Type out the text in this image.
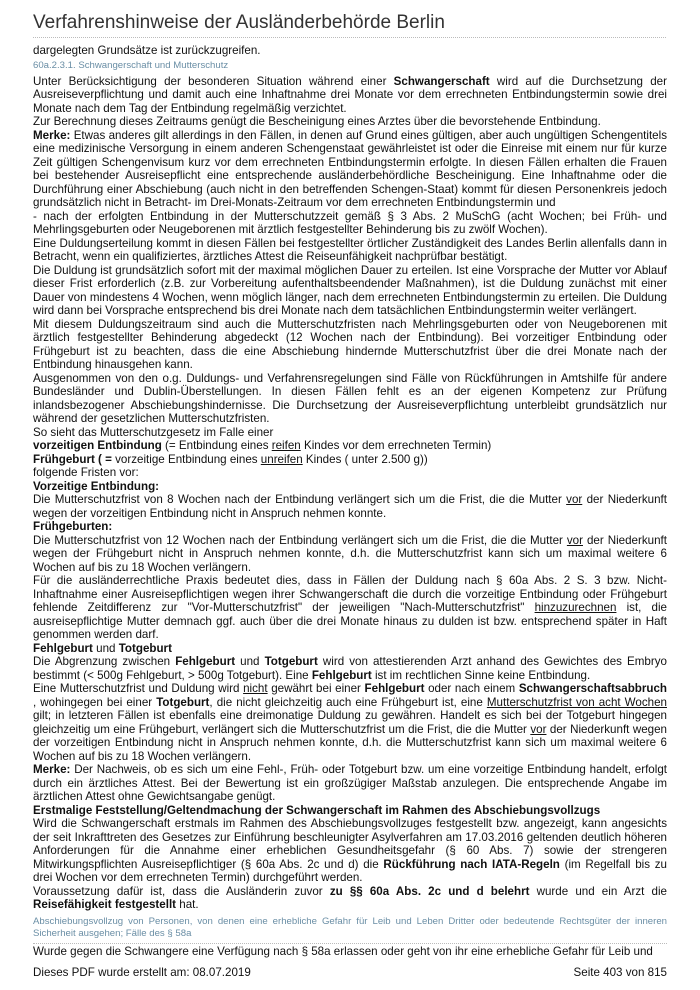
Verfahrenshinweise der Ausländerbehörde Berlin

dargelegten Grundsätze ist zurückzugreifen.

60a.2.3.1. Schwangerschaft und Mutterschutz

Unter Berücksichtigung der besonderen Situation während einer Schwangerschaft wird auf die Durchsetzung der Ausreiseverpflichtung und damit auch eine Inhaftnahme drei Monate vor dem errechneten Entbindungstermin sowie drei Monate nach dem Tag der Entbindung regelmäßig verzichtet.

Zur Berechnung dieses Zeitraums genügt die Bescheinigung eines Arztes über die bevorstehende Entbindung.

Merke: Etwas anderes gilt allerdings in den Fällen, in denen auf Grund eines gültigen, aber auch ungültigen Schengentitels eine medizinische Versorgung in einem anderen Schengenstaat gewährleistet ist oder die Einreise mit einem nur für kurze Zeit gültigen Schengenvisum kurz vor dem errechneten Entbindungstermin erfolgte. In diesen Fällen erhalten die Frauen bei bestehender Ausreisepflicht eine entsprechende ausländerbehördliche Bescheinigung. Eine Inhaftnahme oder die Durchführung einer Abschiebung (auch nicht in den betreffenden Schengen-Staat) kommt für diesen Personenkreis jedoch grundsätzlich nicht in Betracht- im Drei-Monats-Zeitraum vor dem errechneten Entbindungstermin und

- nach der erfolgten Entbindung in der Mutterschutzzeit gemäß § 3 Abs. 2 MuSchG (acht Wochen; bei Früh- und Mehrlingsgeburten oder Neugeborenen mit ärztlich festgestellter Behinderung bis zu zwölf Wochen).

Eine Duldungserteilung kommt in diesen Fällen bei festgestellter örtlicher Zuständigkeit des Landes Berlin allenfalls dann in Betracht, wenn ein qualifiziertes, ärztliches Attest die Reiseunfähigkeit nachprüfbar bestätigt.

Die Duldung ist grundsätzlich sofort mit der maximal möglichen Dauer zu erteilen. Ist eine Vorsprache der Mutter vor Ablauf dieser Frist erforderlich (z.B. zur Vorbereitung aufenthaltsbeendender Maßnahmen), ist die Duldung zunächst mit einer Dauer von mindestens 4 Wochen, wenn möglich länger, nach dem errechneten Entbindungstermin zu erteilen. Die Duldung wird dann bei Vorsprache entsprechend bis drei Monate nach dem tatsächlichen Entbindungstermin weiter verlängert.

Mit diesem Duldungszeitraum sind auch die Mutterschutzfristen nach Mehrlingsgeburten oder von Neugeborenen mit ärztlich festgestellter Behinderung abgedeckt (12 Wochen nach der Entbindung). Bei vorzeitiger Entbindung oder Frühgeburt ist zu beachten, dass die eine Abschiebung hindernde Mutterschutzfrist über die drei Monate nach der Entbindung hinausgehen kann.

Ausgenommen von den o.g. Duldungs- und Verfahrensregelungen sind Fälle von Rückführungen in Amtshilfe für andere Bundesländer und Dublin-Überstellungen. In diesen Fällen fehlt es an der eigenen Kompetenz zur Prüfung inlandsbezogener Abschiebungshindernisse. Die Durchsetzung der Ausreiseverpflichtung unterbleibt grundsätzlich nur während der gesetzlichen Mutterschutzfristen.

So sieht das Mutterschutzgesetz im Falle einer

vorzeitigen Entbindung (= Entbindung eines reifen Kindes vor dem errechneten Termin)

Frühgeburt ( = vorzeitige Entbindung eines unreifen Kindes ( unter 2.500 g))

folgende Fristen vor:

Vorzeitige Entbindung:

Die Mutterschutzfrist von 8 Wochen nach der Entbindung verlängert sich um die Frist, die die Mutter vor der Niederkunft wegen der vorzeitigen Entbindung nicht in Anspruch nehmen konnte.

Frühgeburten:

Die Mutterschutzfrist von 12 Wochen nach der Entbindung verlängert sich um die Frist, die die Mutter vor der Niederkunft wegen der Frühgeburt nicht in Anspruch nehmen konnte, d.h. die Mutterschutzfrist kann sich um maximal weitere 6 Wochen auf bis zu 18 Wochen verlängern.

Für die ausländerrechtliche Praxis bedeutet dies, dass in Fällen der Duldung nach § 60a Abs. 2 S. 3 bzw. Nicht-Inhaftnahme einer Ausreisepflichtigen wegen ihrer Schwangerschaft die durch die vorzeitige Entbindung oder Frühgeburt fehlende Zeitdifferenz zur "Vor-Mutterschutzfrist" der jeweiligen "Nach-Mutterschutzfrist" hinzuzurechnen ist, die ausreisepflichtige Mutter demnach ggf. auch über die drei Monate hinaus zu dulden ist bzw. entsprechend später in Haft genommen werden darf.

Fehlgeburt und Totgeburt

Die Abgrenzung zwischen Fehlgeburt und Totgeburt wird von attestierenden Arzt anhand des Gewichtes des Embryo bestimmt (< 500g Fehlgeburt, > 500g Totgeburt). Eine Fehlgeburt ist im rechtlichen Sinne keine Entbindung.

Eine Mutterschutzfrist und Duldung wird nicht gewährt bei einer Fehlgeburt oder nach einem Schwangerschaftsabbruch , wohingegen bei einer Totgeburt, die nicht gleichzeitig auch eine Frühgeburt ist, eine Mutterschutzfrist von acht Wochen gilt; in letzteren Fällen ist ebenfalls eine dreimonatige Duldung zu gewähren. Handelt es sich bei der Totgeburt hingegen gleichzeitig um eine Frühgeburt, verlängert sich die Mutterschutzfrist um die Frist, die die Mutter vor der Niederkunft wegen der vorzeitigen Entbindung nicht in Anspruch nehmen konnte, d.h. die Mutterschutzfrist kann sich um maximal weitere 6 Wochen auf bis zu 18 Wochen verlängern.

Merke: Der Nachweis, ob es sich um eine Fehl-, Früh- oder Totgeburt bzw. um eine vorzeitige Entbindung handelt, erfolgt durch ein ärztliches Attest. Bei der Bewertung ist ein großzügiger Maßstab anzulegen. Die entsprechende Angabe im ärztlichen Attest ohne Gewichtsangabe genügt.

Erstmalige Feststellung/Geltendmachung der Schwangerschaft im Rahmen des Abschiebungsvollzugs

Wird die Schwangerschaft erstmals im Rahmen des Abschiebungsvollzuges festgestellt bzw. angezeigt, kann angesichts der seit Inkrafttreten des Gesetzes zur Einführung beschleunigter Asylverfahren am 17.03.2016 geltenden deutlich höheren Anforderungen für die Annahme einer erheblichen Gesundheitsgefahr (§ 60 Abs. 7) sowie der strengeren Mitwirkungspflichten Ausreisepflichtiger (§ 60a Abs. 2c und d) die Rückführung nach IATA-Regeln (im Regelfall bis zu drei Wochen vor dem errechneten Termin) durchgeführt werden.

Voraussetzung dafür ist, dass die Ausländerin zuvor zu §§ 60a Abs. 2c und d belehrt wurde und ein Arzt die Reisefähigkeit festgestellt hat.

Abschiebungsvollzug von Personen, von denen eine erhebliche Gefahr für Leib und Leben Dritter oder bedeutende Rechtsgüter der inneren Sicherheit ausgehen; Fälle des § 58a

Wurde gegen die Schwangere eine Verfügung nach § 58a erlassen oder geht von ihr eine erhebliche Gefahr für Leib und

Dieses PDF wurde erstellt am: 08.07.2019	Seite 403 von 815
